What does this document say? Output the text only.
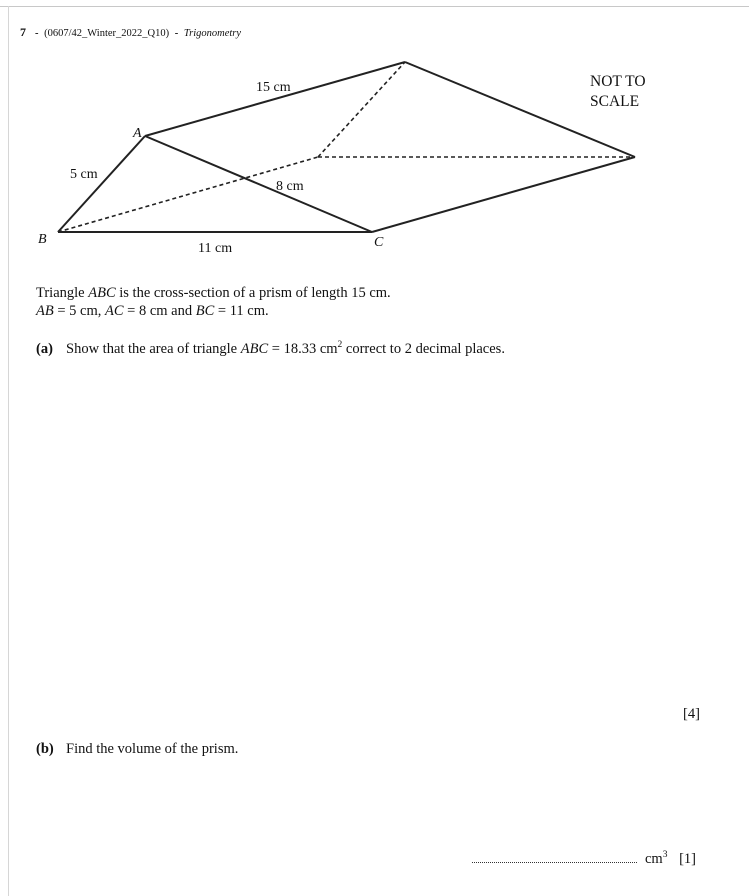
7 - (0607/42_Winter_2022_Q10) - Trigonometry
15 cm
5 cm
8 cm
11 cm
A
B	C
NOT TO
SCALE
Triangle ABC is the cross-section of a prism of length 15 cm.
AB = 5 cm, AC = 8 cm and BC = 11 cm.
(a) Show that the area of triangle ABC = 18.33 $cm^2$ correct to 2 decimal places.
[4]
(b) Find the volume of the prism.
$cm^3$ [1]
